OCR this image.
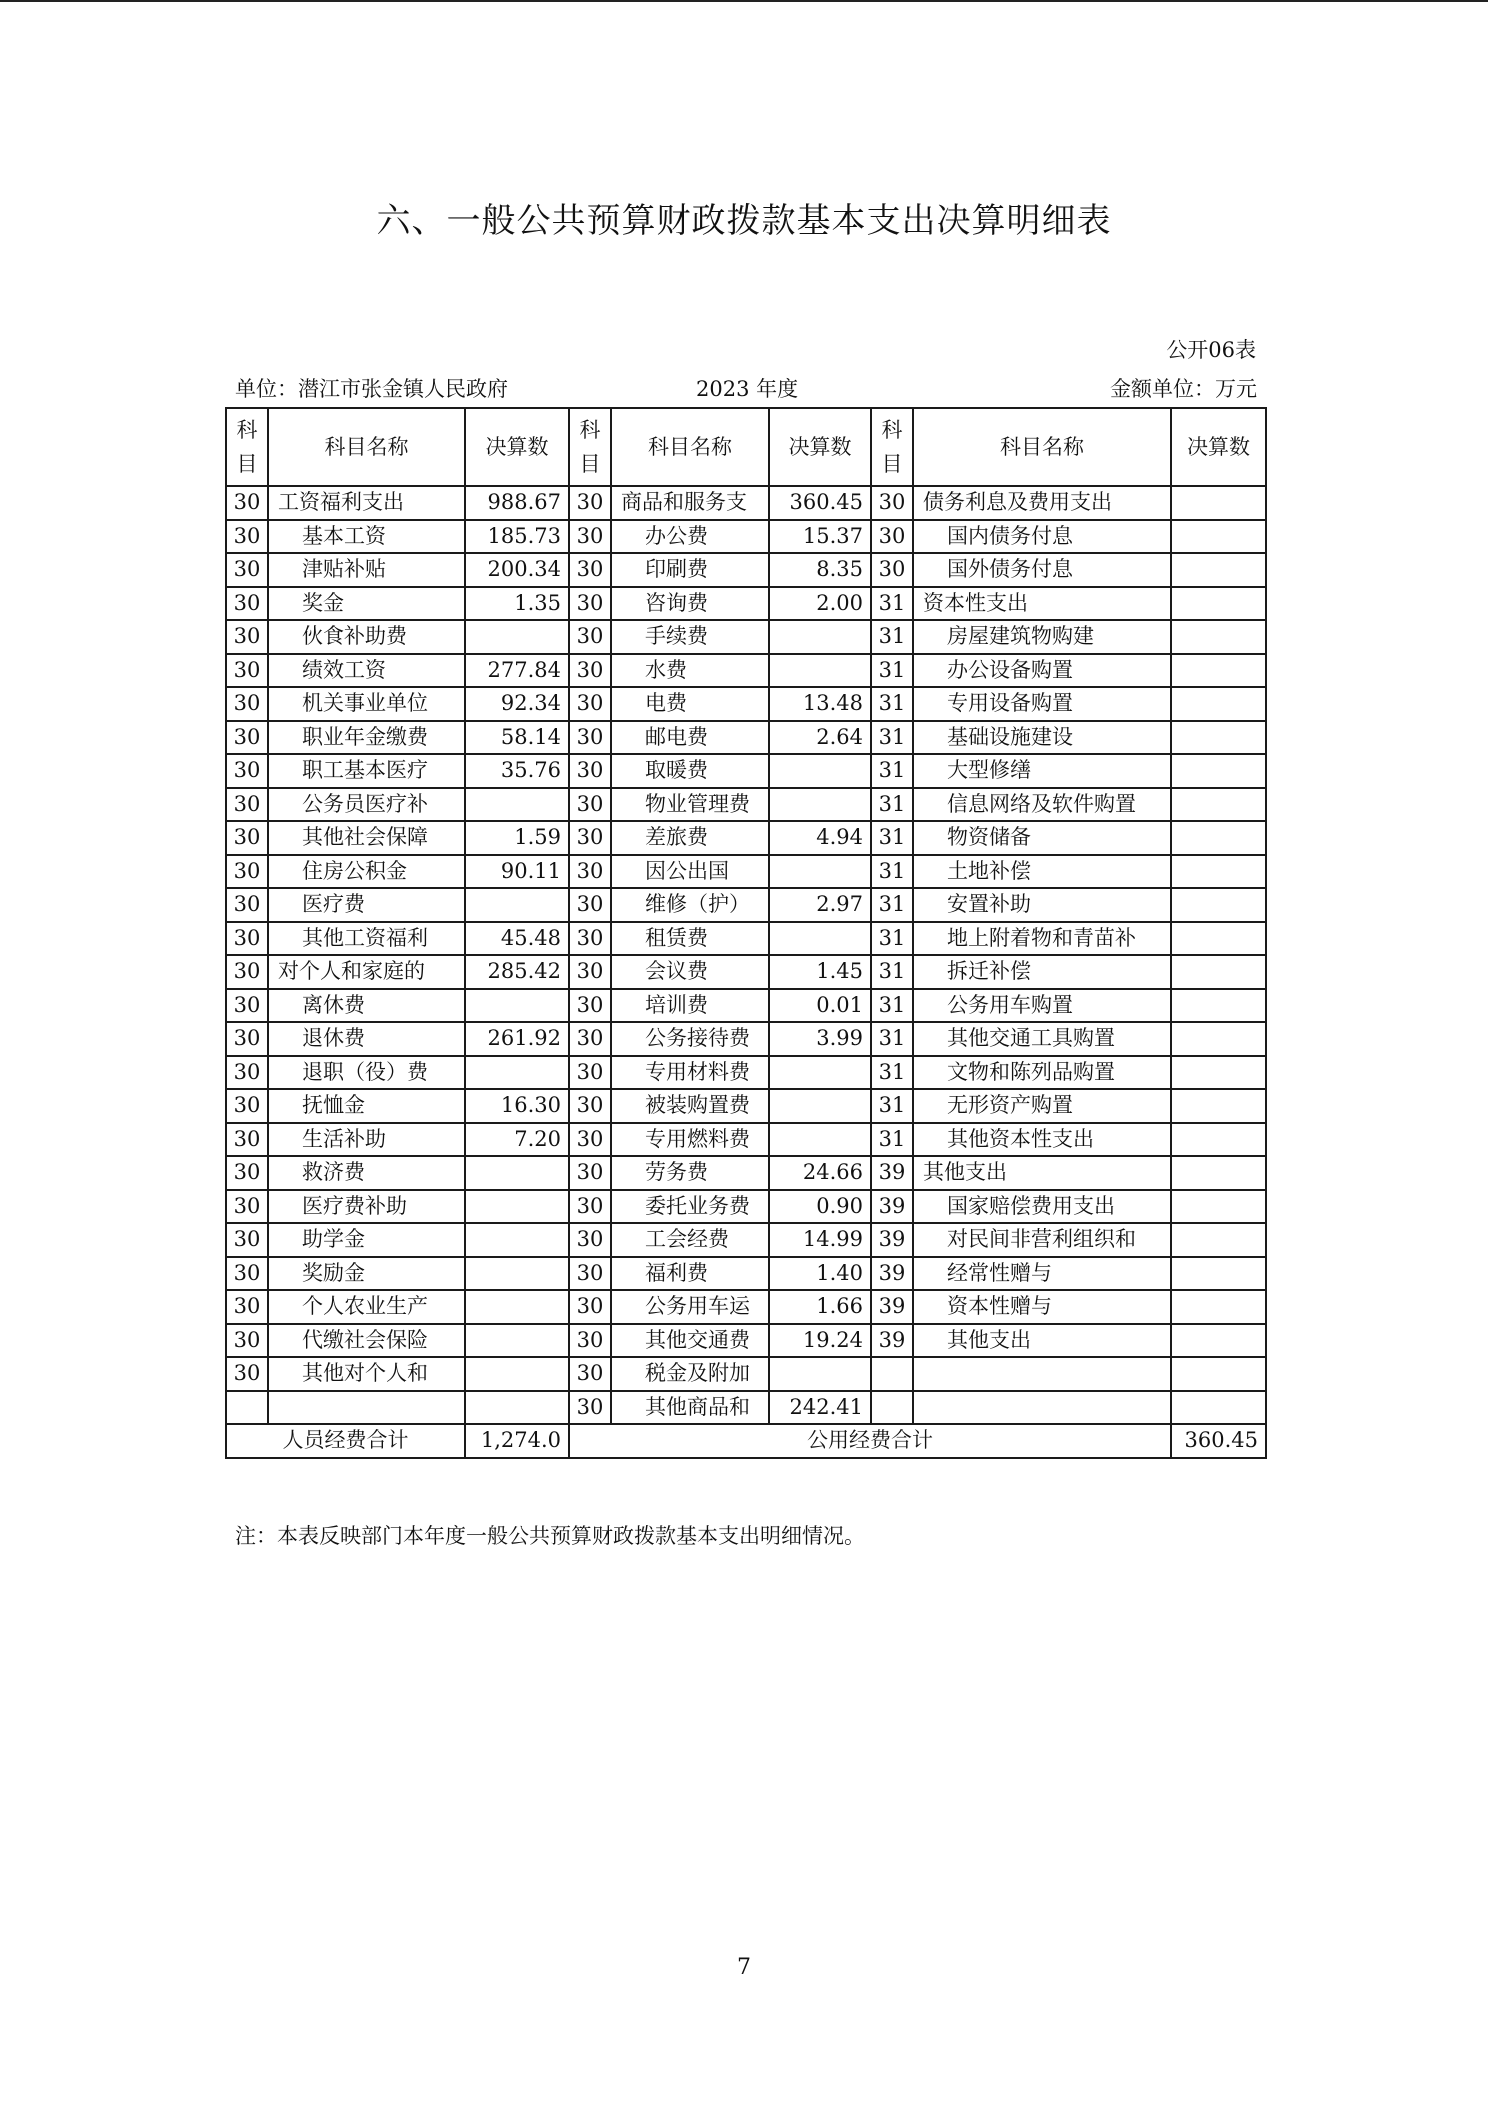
六、一般公共预算财政拨款基本支出决算明细表
公开06表
单位：潜江市张金镇人民政府	2023 年度	金额单位：万元
科
目	科目名称	决算数	科
目	科目名称	决算数	科
目	科目名称	决算数
30	工资福利支出	988.67	30	商品和服务支	360.45	30	债务利息及费用支出	
30	基本工资	185.73	30	办公费	15.37	30	国内债务付息	
30	津贴补贴	200.34	30	印刷费	8.35	30	国外债务付息	
30	奖金	1.35	30	咨询费	2.00	31	资本性支出	
30	伙食补助费		30	手续费		31	房屋建筑物购建	
30	绩效工资	277.84	30	水费		31	办公设备购置	
30	机关事业单位	92.34	30	电费	13.48	31	专用设备购置	
30	职业年金缴费	58.14	30	邮电费	2.64	31	基础设施建设	
30	职工基本医疗	35.76	30	取暖费		31	大型修缮	
30	公务员医疗补		30	物业管理费		31	信息网络及软件购置	
30	其他社会保障	1.59	30	差旅费	4.94	31	物资储备	
30	住房公积金	90.11	30	因公出国		31	土地补偿	
30	医疗费		30	维修（护）	2.97	31	安置补助	
30	其他工资福利	45.48	30	租赁费		31	地上附着物和青苗补	
30	对个人和家庭的	285.42	30	会议费	1.45	31	拆迁补偿	
30	离休费		30	培训费	0.01	31	公务用车购置	
30	退休费	261.92	30	公务接待费	3.99	31	其他交通工具购置	
30	退职（役）费		30	专用材料费		31	文物和陈列品购置	
30	抚恤金	16.30	30	被装购置费		31	无形资产购置	
30	生活补助	7.20	30	专用燃料费		31	其他资本性支出	
30	救济费		30	劳务费	24.66	39	其他支出	
30	医疗费补助		30	委托业务费	0.90	39	国家赔偿费用支出	
30	助学金		30	工会经费	14.99	39	对民间非营利组织和	
30	奖励金		30	福利费	1.40	39	经常性赠与	
30	个人农业生产		30	公务用车运	1.66	39	资本性赠与	
30	代缴社会保险		30	其他交通费	19.24	39	其他支出	
30	其他对个人和		30	税金及附加				
			30	其他商品和	242.41			
人员经费合计		1,274.0	公用经费合计					360.45
注：本表反映部门本年度一般公共预算财政拨款基本支出明细情况。
7
